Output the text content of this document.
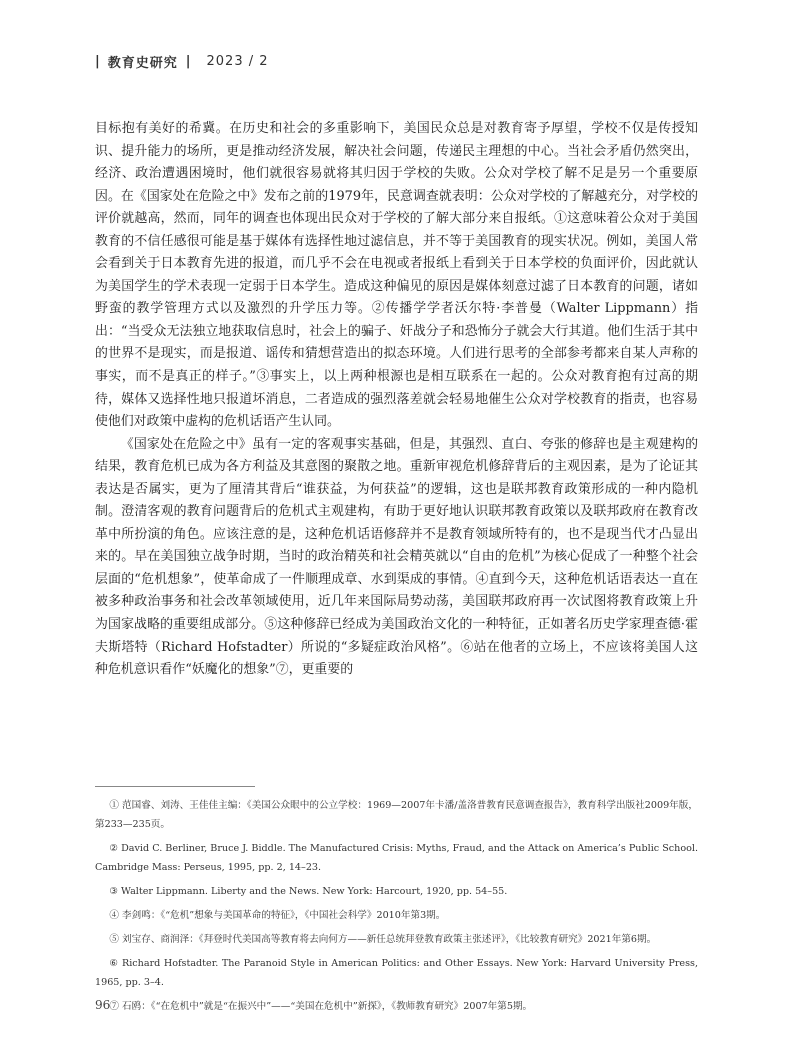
| 教育史研究 | 2023 / 2

目标抱有美好的希冀。在历史和社会的多重影响下，美国民众总是对教育寄予厚望，学校不仅是传授知识、提升能力的场所，更是推动经济发展，解决社会问题，传递民主理想的中心。当社会矛盾仍然突出，经济、政治遭遇困境时，他们就很容易就将其归因于学校的失败。公众对学校了解不足是另一个重要原因。在《国家处在危险之中》发布之前的1979年，民意调查就表明：公众对学校的了解越充分，对学校的评价就越高，然而，同年的调查也体现出民众对于学校的了解大部分来自报纸。①这意味着公众对于美国教育的不信任感很可能是基于媒体有选择性地过滤信息，并不等于美国教育的现实状况。例如，美国人常会看到关于日本教育先进的报道，而几乎不会在电视或者报纸上看到关于日本学校的负面评价，因此就认为美国学生的学术表现一定弱于日本学生。造成这种偏见的原因是媒体刻意过滤了日本教育的问题，诸如野蛮的教学管理方式以及激烈的升学压力等。②传播学学者沃尔特·李普曼（Walter Lippmann）指出：“当受众无法独立地获取信息时，社会上的骗子、奸战分子和恐怖分子就会大行其道。他们生活于其中的世界不是现实，而是报道、谣传和猜想营造出的拟态环境。人们进行思考的全部参考都来自某人声称的事实，而不是真正的样子。”③事实上，以上两种根源也是相互联系在一起的。公众对教育抱有过高的期待，媒体又选择性地只报道坏消息，二者造成的强烈落差就会轻易地催生公众对学校教育的指责，也容易使他们对政策中虚构的危机话语产生认同。

《国家处在危险之中》虽有一定的客观事实基础，但是，其强烈、直白、夸张的修辞也是主观建构的结果，教育危机已成为各方利益及其意图的聚散之地。重新审视危机修辞背后的主观因素，是为了论证其表达是否属实，更为了厘清其背后“谁获益，为何获益”的逻辑，这也是联邦教育政策形成的一种内隐机制。澄清客观的教育问题背后的危机式主观建构，有助于更好地认识联邦教育政策以及联邦政府在教育改革中所扮演的角色。应该注意的是，这种危机话语修辞并不是教育领域所特有的，也不是现当代才凸显出来的。早在美国独立战争时期，当时的政治精英和社会精英就以“自由的危机”为核心促成了一种整个社会层面的“危机想象”，使革命成了一件顺理成章、水到渠成的事情。④直到今天，这种危机话语表达一直在被多种政治事务和社会改革领域使用，近几年来国际局势动荡，美国联邦政府再一次试图将教育政策上升为国家战略的重要组成部分。⑤这种修辞已经成为美国政治文化的一种特征，正如著名历史学家理查德·霍夫斯塔特（Richard Hofstadter）所说的“多疑症政治风格”。⑥站在他者的立场上，不应该将美国人这种危机意识看作“妖魔化的想象”⑦，更重要的

① 范国睿、刘涛、王佳佳主编：《美国公众眼中的公立学校：1969—2007年卡潘/盖洛普教育民意调查报告》，教育科学出版社2009年版，第233—235页。

② David C. Berliner, Bruce J. Biddle. The Manufactured Crisis: Myths, Fraud, and the Attack on America’s Public School. Cambridge Mass: Perseus, 1995, pp. 2, 14–23.

③ Walter Lippmann. Liberty and the News. New York: Harcourt, 1920, pp. 54–55.

④ 李剑鸣：《“危机”想象与美国革命的特征》，《中国社会科学》2010年第3期。

⑤ 刘宝存、商润泽：《拜登时代美国高等教育将去向何方——新任总统拜登教育政策主张述评》，《比较教育研究》2021年第6期。

⑥ Richard Hofstadter. The Paranoid Style in American Politics: and Other Essays. New York: Harvard University Press, 1965, pp. 3–4.

⑦ 石鸥：《“在危机中”就是“在振兴中”——“美国在危机中”新探》，《教师教育研究》2007年第5期。

96
